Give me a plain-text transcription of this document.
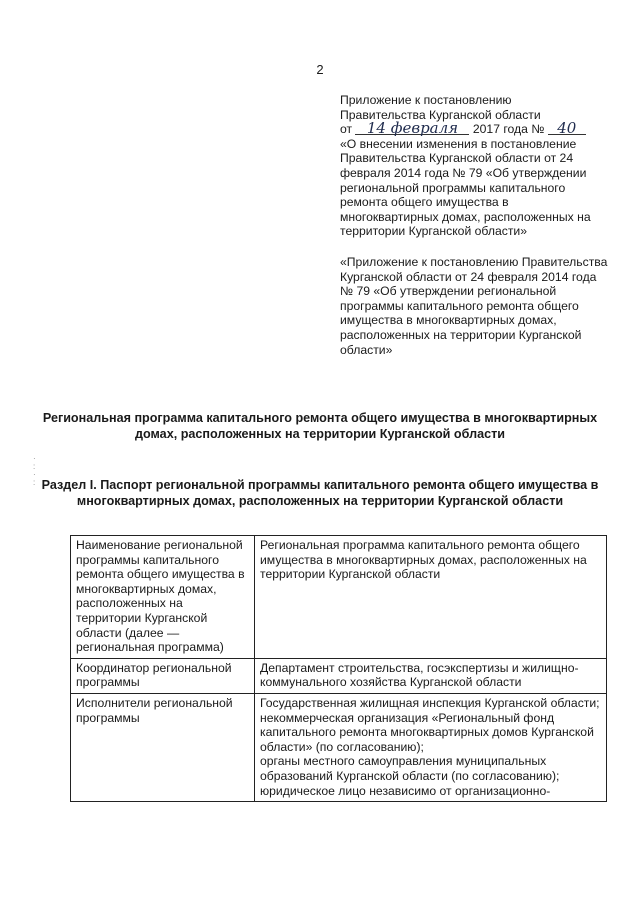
2
Приложение к постановлению
Правительства Курганской области
от 14 февраля 2017 года № 40
«О внесении изменения в постановление Правительства Курганской области от 24 февраля 2014 года № 79 «Об утверждении региональной программы капитального ремонта общего имущества в многоквартирных домах, расположенных на территории Курганской области»
«Приложение к постановлению Правительства Курганской области от 24 февраля 2014 года № 79 «Об утверждении региональной программы капитального ремонта общего имущества в многоквартирных домах, расположенных на территории Курганской области»
Региональная программа капитального ремонта общего имущества в многоквартирных домах, расположенных на территории Курганской области
Раздел I. Паспорт региональной программы капитального ремонта общего имущества в многоквартирных домах, расположенных на территории Курганской области
·
:
·
:
Наименование региональной программы капитального ремонта общего имущества в многоквартирных домах, расположенных на территории Курганской области (далее — региональная программа)	Региональная программа капитального ремонта общего имущества в многоквартирных домах, расположенных на территории Курганской области
Координатор региональной программы	Департамент строительства, госэкспертизы и жилищно-коммунального хозяйства Курганской области
Исполнители региональной программы	Государственная жилищная инспекция Курганской области;
некоммерческая организация «Региональный фонд капитального ремонта многоквартирных домов Курганской области» (по согласованию);
органы местного самоуправления муниципальных образований Курганской области (по согласованию);
юридическое лицо независимо от организационно-
